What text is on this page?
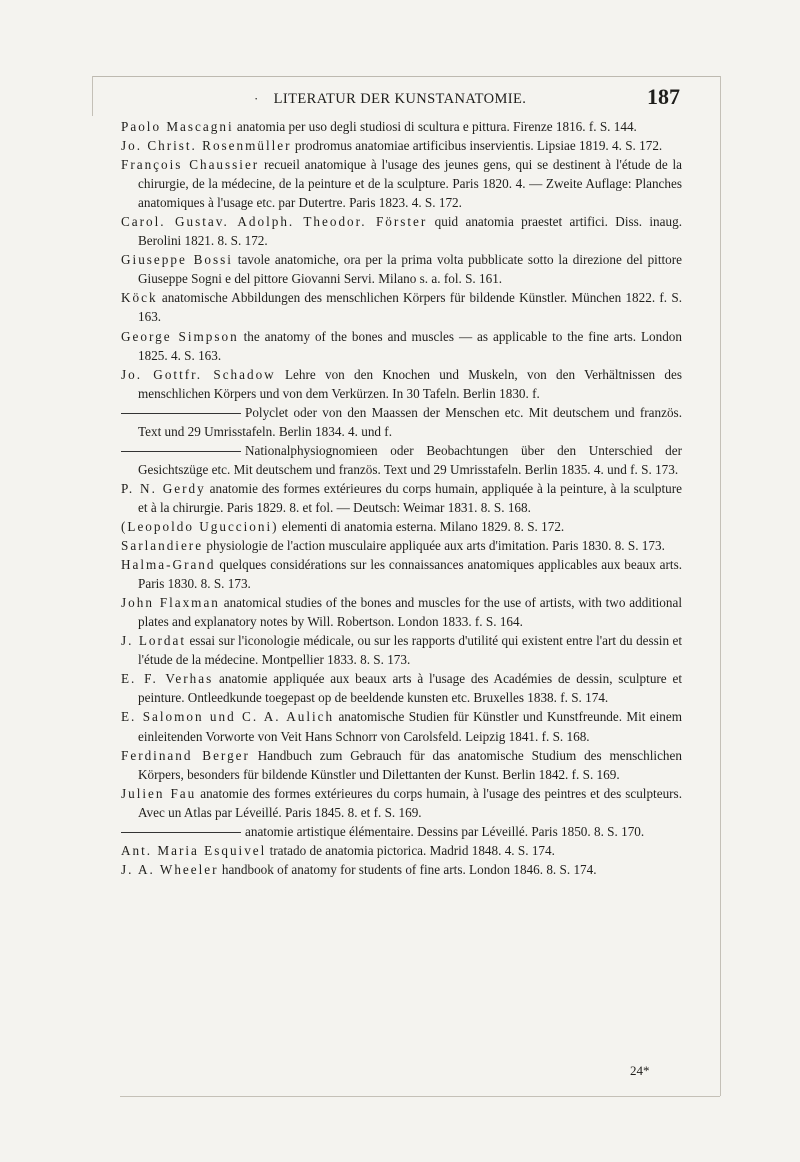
·	LITERATUR DER KUNSTANATOMIE.	187

Paolo Mascagni anatomia per uso degli studiosi di scultura e pittura. Firenze 1816. f. S. 144.

Jo. Christ. Rosenmüller prodromus anatomiae artificibus inservientis. Lipsiae 1819. 4. S. 172.

François Chaussier recueil anatomique à l'usage des jeunes gens, qui se destinent à l'étude de la chirurgie, de la médecine, de la peinture et de la sculpture. Paris 1820. 4. — Zweite Auflage: Planches anatomiques à l'usage etc. par Dutertre. Paris 1823. 4. S. 172.

Carol. Gustav. Adolph. Theodor. Förster quid anatomia praestet artifici. Diss. inaug. Berolini 1821. 8. S. 172.

Giuseppe Bossi tavole anatomiche, ora per la prima volta pubblicate sotto la direzione del pittore Giuseppe Sogni e del pittore Giovanni Servi. Milano s. a. fol. S. 161.

Köck anatomische Abbildungen des menschlichen Körpers für bildende Künstler. München 1822. f. S. 163.

George Simpson the anatomy of the bones and muscles — as applicable to the fine arts. London 1825. 4. S. 163.

Jo. Gottfr. Schadow Lehre von den Knochen und Muskeln, von den Verhältnissen des menschlichen Körpers und von dem Verkürzen. In 30 Tafeln. Berlin 1830. f.

Polyclet oder von den Maassen der Menschen etc. Mit deutschem und französ. Text und 29 Umrisstafeln. Berlin 1834. 4. und f.

Nationalphysiognomieen oder Beobachtungen über den Unterschied der Gesichtszüge etc. Mit deutschem und französ. Text und 29 Umrisstafeln. Berlin 1835. 4. und f. S. 173.

P. N. Gerdy anatomie des formes extérieures du corps humain, appliquée à la peinture, à la sculpture et à la chirurgie. Paris 1829. 8. et fol. — Deutsch: Weimar 1831. 8. S. 168.

(Leopoldo Uguccioni) elementi di anatomia esterna. Milano 1829. 8. S. 172.

Sarlandiere physiologie de l'action musculaire appliquée aux arts d'imitation. Paris 1830. 8. S. 173.

Halma-Grand quelques considérations sur les connaissances anatomiques applicables aux beaux arts. Paris 1830. 8. S. 173.

John Flaxman anatomical studies of the bones and muscles for the use of artists, with two additional plates and explanatory notes by Will. Robertson. London 1833. f. S. 164.

J. Lordat essai sur l'iconologie médicale, ou sur les rapports d'utilité qui existent entre l'art du dessin et l'étude de la médecine. Montpellier 1833. 8. S. 173.

E. F. Verhas anatomie appliquée aux beaux arts à l'usage des Académies de dessin, sculpture et peinture. Ontleedkunde toegepast op de beeldende kunsten etc. Bruxelles 1838. f. S. 174.

E. Salomon und C. A. Aulich anatomische Studien für Künstler und Kunstfreunde. Mit einem einleitenden Vorworte von Veit Hans Schnorr von Carolsfeld. Leipzig 1841. f. S. 168.

Ferdinand Berger Handbuch zum Gebrauch für das anatomische Studium des menschlichen Körpers, besonders für bildende Künstler und Dilettanten der Kunst. Berlin 1842. f. S. 169.

Julien Fau anatomie des formes extérieures du corps humain, à l'usage des peintres et des sculpteurs. Avec un Atlas par Léveillé. Paris 1845. 8. et f. S. 169.

anatomie artistique élémentaire. Dessins par Léveillé. Paris 1850. 8. S. 170.

Ant. Maria Esquivel tratado de anatomia pictorica. Madrid 1848. 4. S. 174.

J. A. Wheeler handbook of anatomy for students of fine arts. London 1846. 8. S. 174.

24*
